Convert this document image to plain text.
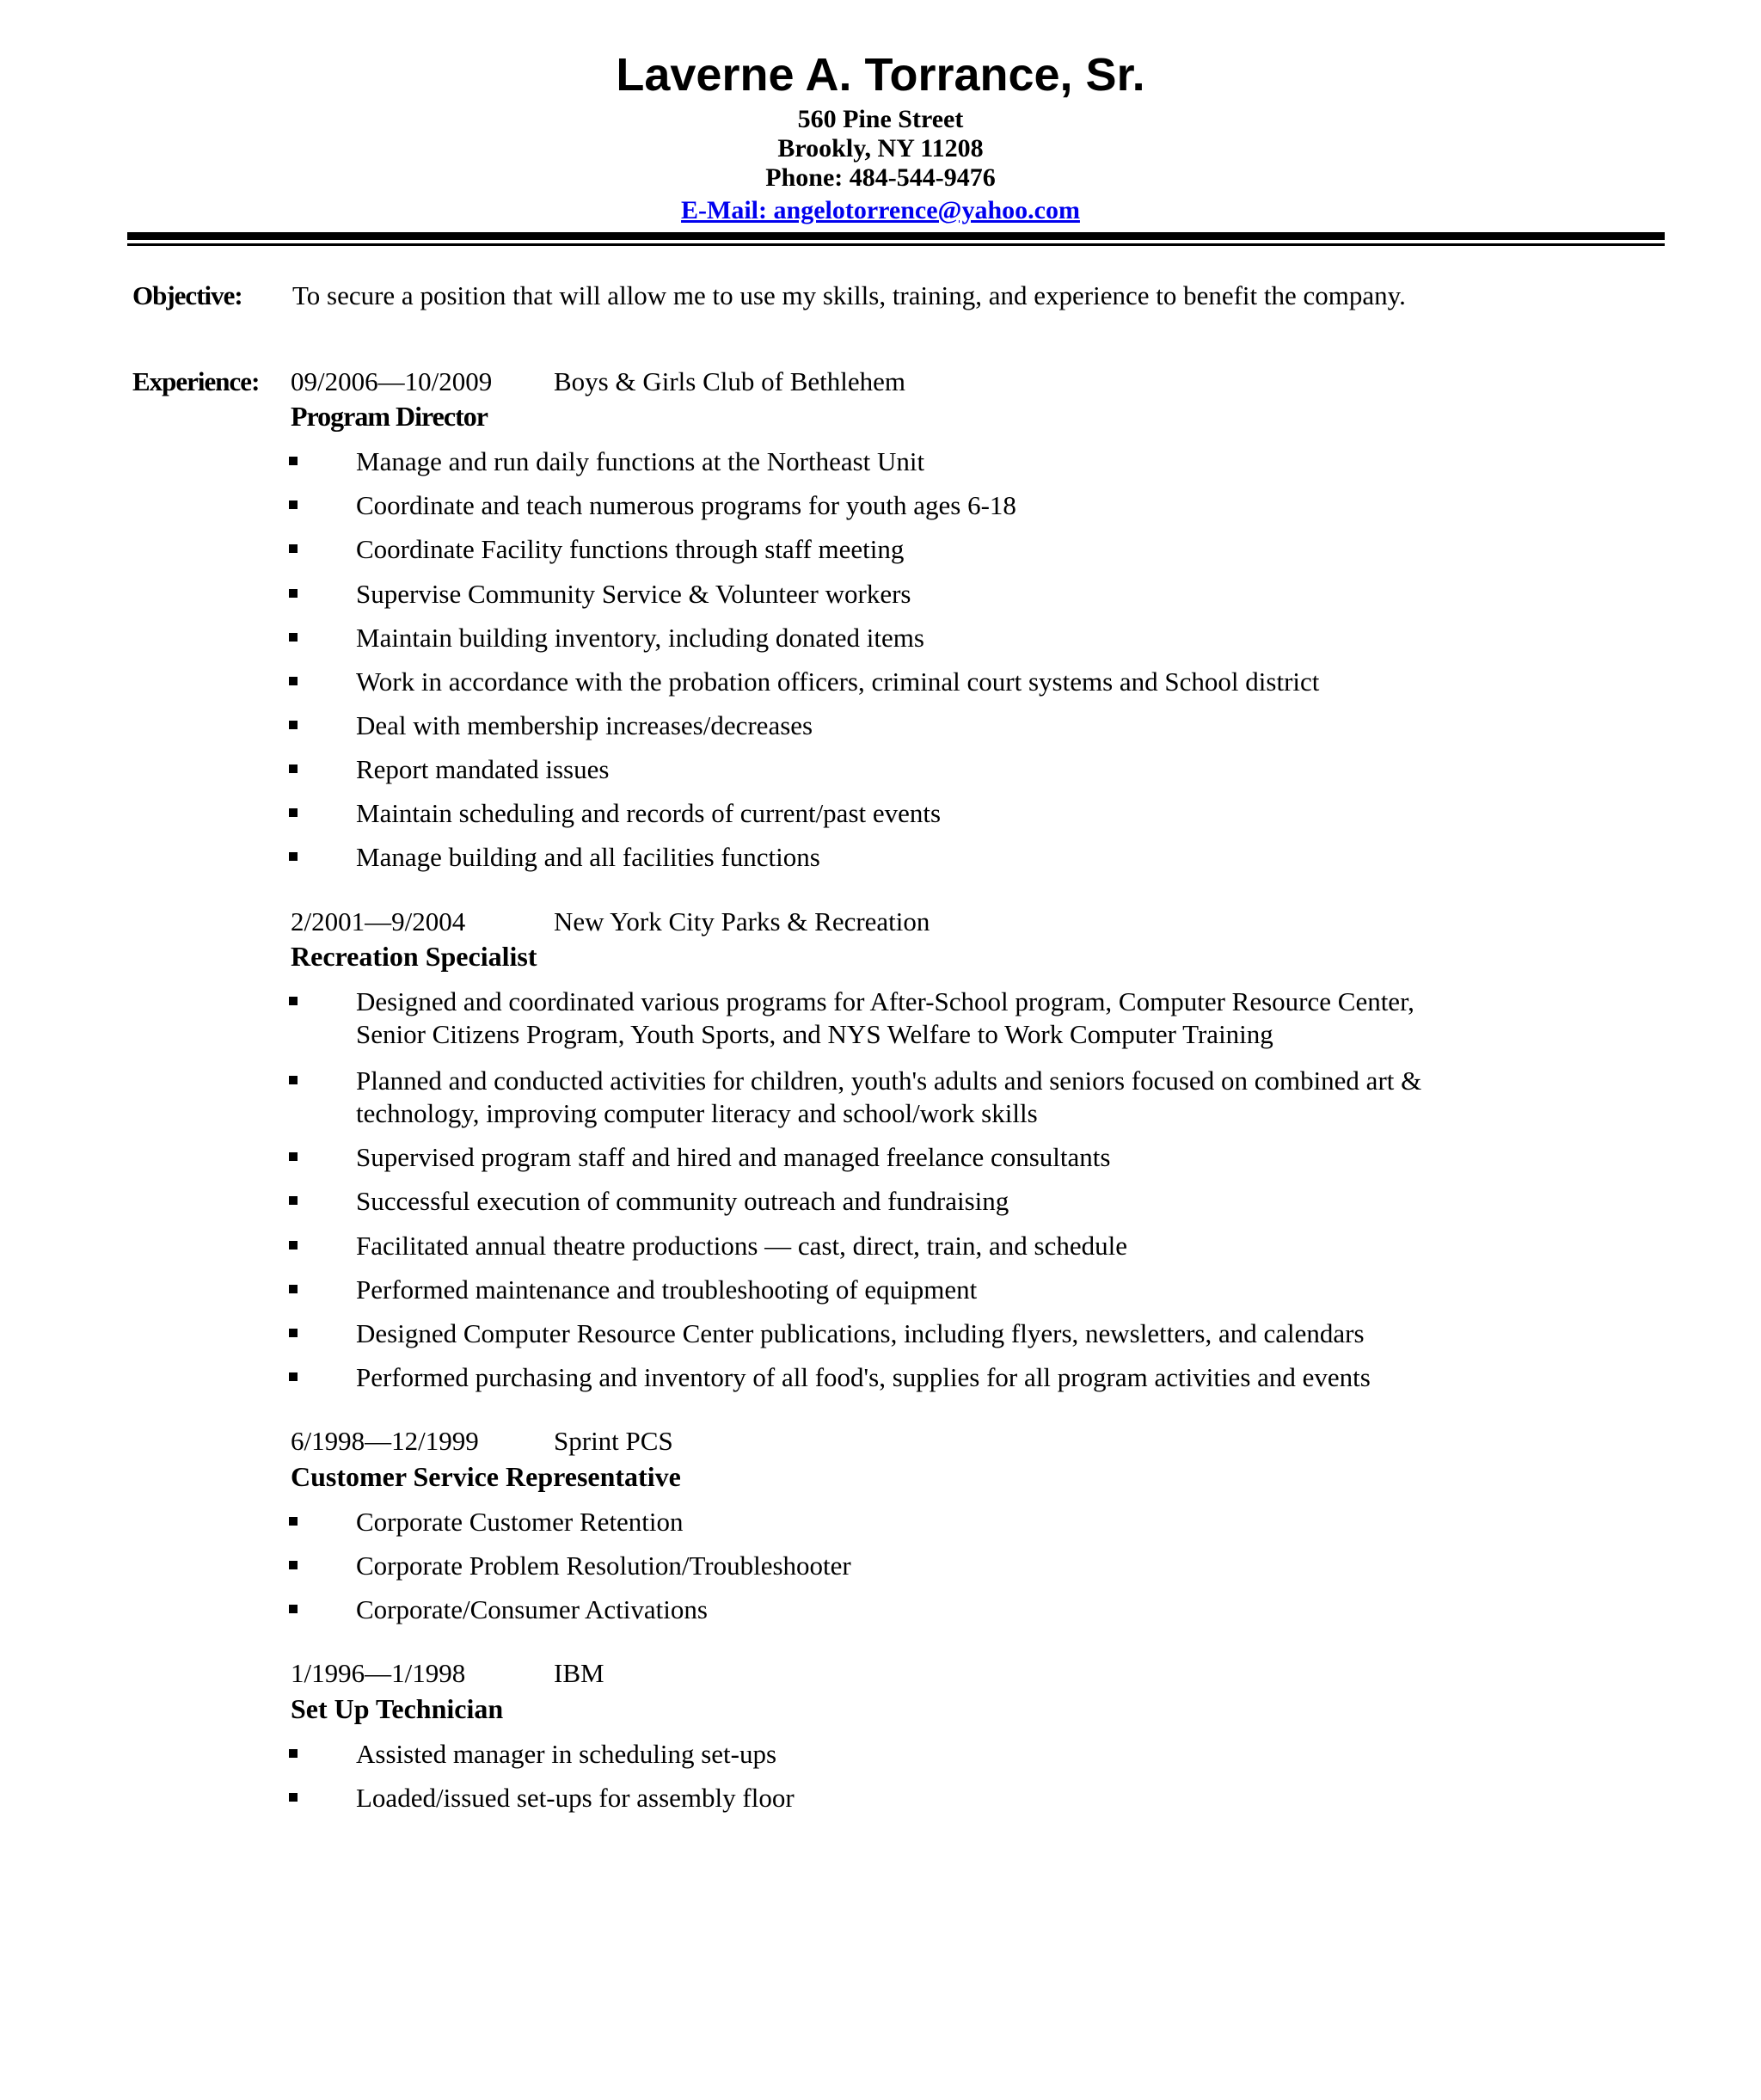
Laverne A. Torrance, Sr.
560 Pine Street
Brookly, NY 11208
Phone: 484-544-9476
E-Mail: angelotorrence@yahoo.com
Objective: To secure a position that will allow me to use my skills, training, and experience to benefit the company.
Experience: 09/2006—10/2009 Boys & Girls Club of Bethlehem
Program Director
Manage and run daily functions at the Northeast Unit
Coordinate and teach numerous programs for youth ages 6-18
Coordinate Facility functions through staff meeting
Supervise Community Service & Volunteer workers
Maintain building inventory, including donated items
Work in accordance with the probation officers, criminal court systems and School district
Deal with membership increases/decreases
Report mandated issues
Maintain scheduling and records of current/past events
Manage building and all facilities functions
2/2001—9/2004	New York City Parks & Recreation
Recreation Specialist
Designed and coordinated various programs for After-School program, Computer Resource Center,
Senior Citizens Program, Youth Sports, and NYS Welfare to Work Computer Training
Planned and conducted activities for children, youth's adults and seniors focused on combined art &
technology, improving computer literacy and school/work skills
Supervised program staff and hired and managed freelance consultants
Successful execution of community outreach and fundraising
Facilitated annual theatre productions — cast, direct, train, and schedule
Performed maintenance and troubleshooting of equipment
Designed Computer Resource Center publications, including flyers, newsletters, and calendars
Performed purchasing and inventory of all food's, supplies for all program activities and events
6/1998—12/1999	Sprint PCS
Customer Service Representative
Corporate Customer Retention
Corporate Problem Resolution/Troubleshooter
Corporate/Consumer Activations
1/1996—1/1998	IBM
Set Up Technician
Assisted manager in scheduling set-ups
Loaded/issued set-ups for assembly floor
